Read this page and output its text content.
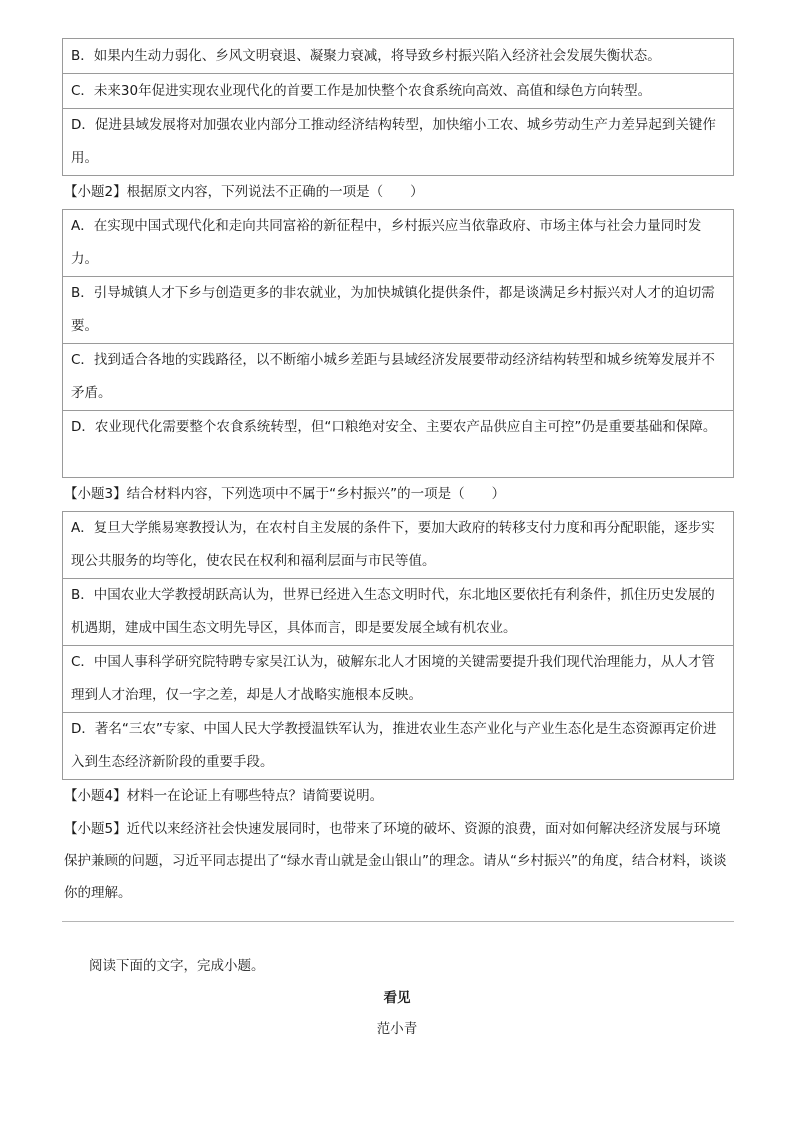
B．如果内生动力弱化、乡风文明衰退、凝聚力衰减，将导致乡村振兴陷入经济社会发展失衡状态。
C．未来30年促进实现农业现代化的首要工作是加快整个农食系统向高效、高值和绿色方向转型。
D．促进县域发展将对加强农业内部分工推动经济结构转型，加快缩小工农、城乡劳动生产力差异起到关键作用。

【小题2】根据原文内容，下列说法不正确的一项是（　　）

A．在实现中国式现代化和走向共同富裕的新征程中，乡村振兴应当依靠政府、市场主体与社会力量同时发力。
B．引导城镇人才下乡与创造更多的非农就业，为加快城镇化提供条件，都是谈满足乡村振兴对人才的迫切需要。
C．找到适合各地的实践路径，以不断缩小城乡差距与县域经济发展要带动经济结构转型和城乡统筹发展并不矛盾。
D．农业现代化需要整个农食系统转型，但“口粮绝对安全、主要农产品供应自主可控”仍是重要基础和保障。

【小题3】结合材料内容，下列选项中不属于“乡村振兴”的一项是（　　）

A．复旦大学熊易寒教授认为，在农村自主发展的条件下，要加大政府的转移支付力度和再分配职能，逐步实现公共服务的均等化，使农民在权利和福利层面与市民等值。
B．中国农业大学教授胡跃高认为，世界已经进入生态文明时代，东北地区要依托有利条件，抓住历史发展的机遇期，建成中国生态文明先导区，具体而言，即是要发展全域有机农业。
C．中国人事科学研究院特聘专家吴江认为，破解东北人才困境的关键需要提升我们现代治理能力，从人才管理到人才治理，仅一字之差，却是人才战略实施根本反映。
D．著名“三农”专家、中国人民大学教授温铁军认为，推进农业生态产业化与产业生态化是生态资源再定价进入到生态经济新阶段的重要手段。

【小题4】材料一在论证上有哪些特点？请简要说明。

【小题5】近代以来经济社会快速发展同时，也带来了环境的破坏、资源的浪费，面对如何解决经济发展与环境保护兼顾的问题，习近平同志提出了“绿水青山就是金山银山”的理念。请从“乡村振兴”的角度，结合材料，谈谈你的理解。

阅读下面的文字，完成小题。
看见
范小青
